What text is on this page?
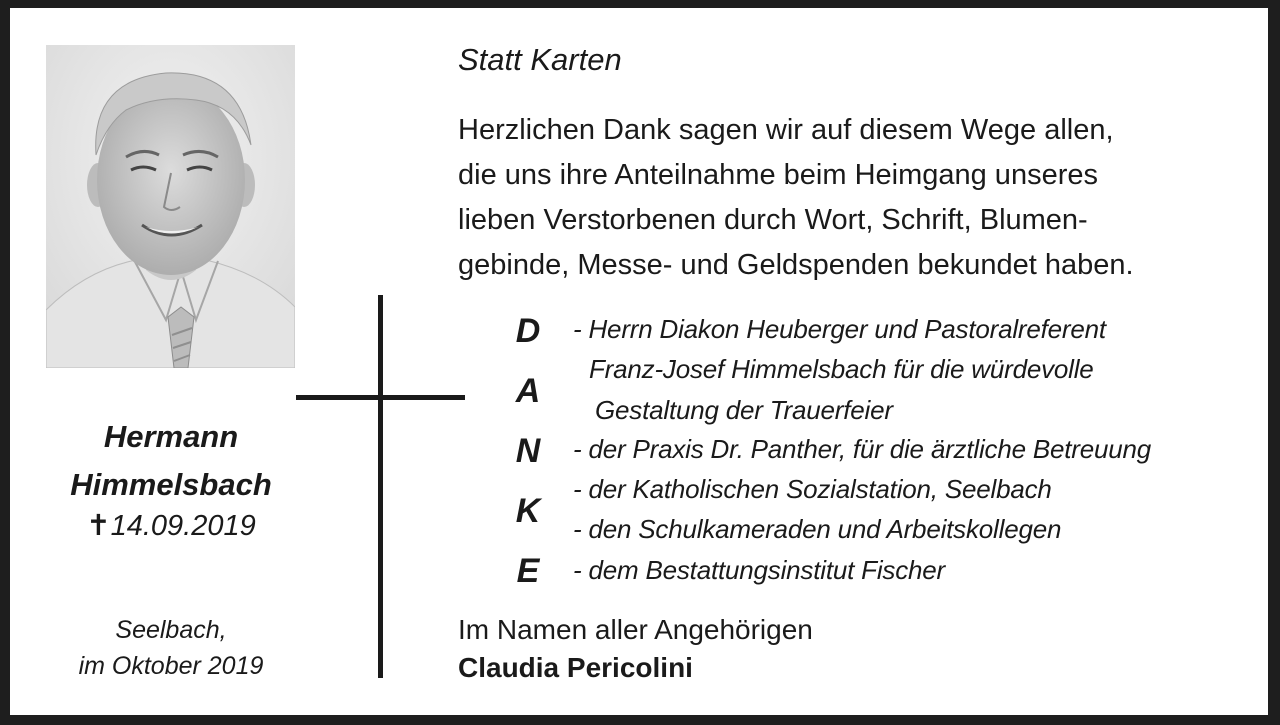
Hermann
Himmelsbach
✝14.09.2019
Seelbach,
im Oktober 2019
Statt Karten
Herzlichen Dank sagen wir auf diesem Wege allen,
die uns ihre Anteilnahme beim Heimgang unseres
lieben Verstorbenen durch Wort, Schrift, Blumen-
gebinde, Messe- und Geldspenden bekundet haben.
D
A
N
K
E
- Herrn Diakon Heuberger und Pastoralreferent
Franz-Josef Himmelsbach für die würdevolle
Gestaltung der Trauerfeier
- der Praxis Dr. Panther, für die ärztliche Betreuung
- der Katholischen Sozialstation, Seelbach
- den Schulkameraden und Arbeitskollegen
- dem Bestattungsinstitut Fischer
Im Namen aller Angehörigen
Claudia Pericolini
